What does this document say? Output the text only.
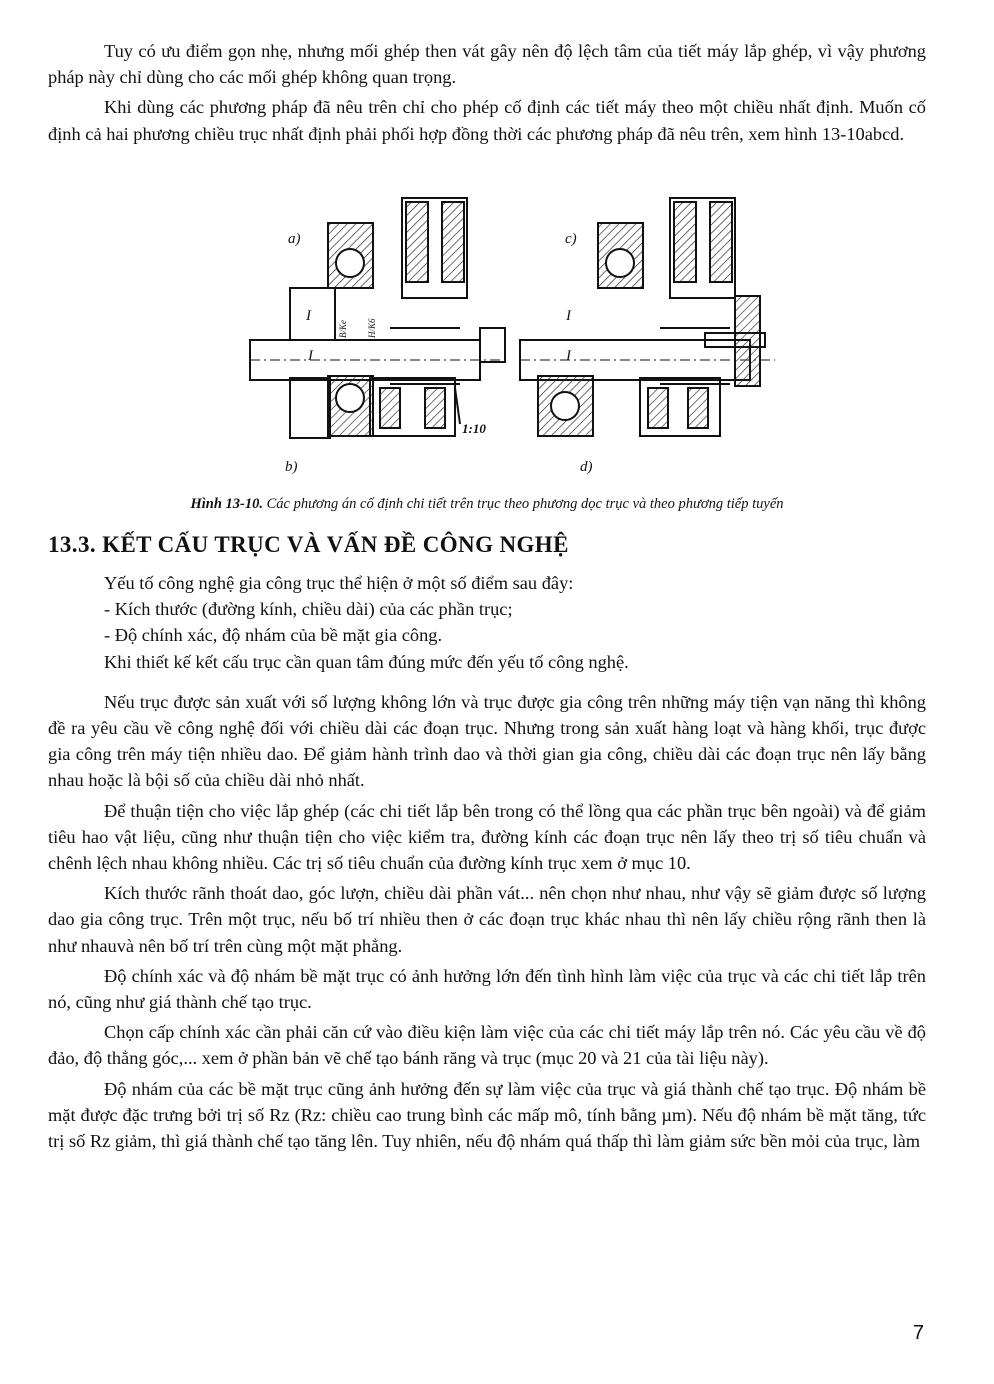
Tuy có ưu điểm gọn nhẹ, nhưng mối ghép then vát gây nên độ lệch tâm của tiết máy lắp ghép, vì vậy phương pháp này chỉ dùng cho các mối ghép không quan trọng.

Khi dùng các phương pháp đã nêu trên chỉ cho phép cố định các tiết máy theo một chiều nhất định. Muốn cố định cả hai phương chiều trục nhất định phải phối hợp đồng thời các phương pháp đã nêu trên, xem hình 13-10abcd.

a)
b)
c)
d)
I
I
I
I
1:10
B/Ke H/K6
Hình 13-10. Các phương án cố định chi tiết trên trục theo phương dọc trục và theo phương tiếp tuyến
13.3. KẾT CẤU TRỤC VÀ VẤN ĐỀ CÔNG NGHỆ

Yếu tố công nghệ gia công trục thể hiện ở một số điểm sau đây:

- Kích thước (đường kính, chiều dài) của các phần trục;

- Độ chính xác, độ nhám của bề mặt gia công.

Khi thiết kế kết cấu trục cần quan tâm đúng mức đến yếu tố công nghệ.

Nếu trục được sản xuất với số lượng không lớn và trục được gia công trên những máy tiện vạn năng thì không đề ra yêu cầu về công nghệ đối với chiều dài các đoạn trục. Nhưng trong sản xuất hàng loạt và hàng khối, trục được gia công trên máy tiện nhiều dao. Để giảm hành trình dao và thời gian gia công, chiều dài các đoạn trục nên lấy bằng nhau hoặc là bội số của chiều dài nhỏ nhất.

Để thuận tiện cho việc lắp ghép (các chi tiết lắp bên trong có thể lồng qua các phần trục bên ngoài) và để giảm tiêu hao vật liệu, cũng như thuận tiện cho việc kiểm tra, đường kính các đoạn trục nên lấy theo trị số tiêu chuẩn và chênh lệch nhau không nhiều. Các trị số tiêu chuẩn của đường kính trục xem ở mục 10.

Kích thước rãnh thoát dao, góc lượn, chiều dài phần vát... nên chọn như nhau, như vậy sẽ giảm được số lượng dao gia công trục. Trên một trục, nếu bố trí nhiều then ở các đoạn trục khác nhau thì nên lấy chiều rộng rãnh then là như nhauvà nên bố trí trên cùng một mặt phẳng.

Độ chính xác và độ nhám bề mặt trục có ảnh hưởng lớn đến tình hình làm việc của trục và các chi tiết lắp trên nó, cũng như giá thành chế tạo trục.

Chọn cấp chính xác cần phải căn cứ vào điều kiện làm việc của các chi tiết máy lắp trên nó. Các yêu cầu về độ đảo, độ thẳng góc,... xem ở phần bản vẽ chế tạo bánh răng và trục (mục 20 và 21 của tài liệu này).

Độ nhám của các bề mặt trục cũng ảnh hưởng đến sự làm việc của trục và giá thành chế tạo trục. Độ nhám bề mặt được đặc trưng bởi trị số Rz (Rz: chiều cao trung bình các mấp mô, tính bằng µm). Nếu độ nhám bề mặt tăng, tức trị số Rz giảm, thì giá thành chế tạo tăng lên. Tuy nhiên, nếu độ nhám quá thấp thì làm giảm sức bền mỏi của trục, làm

7
